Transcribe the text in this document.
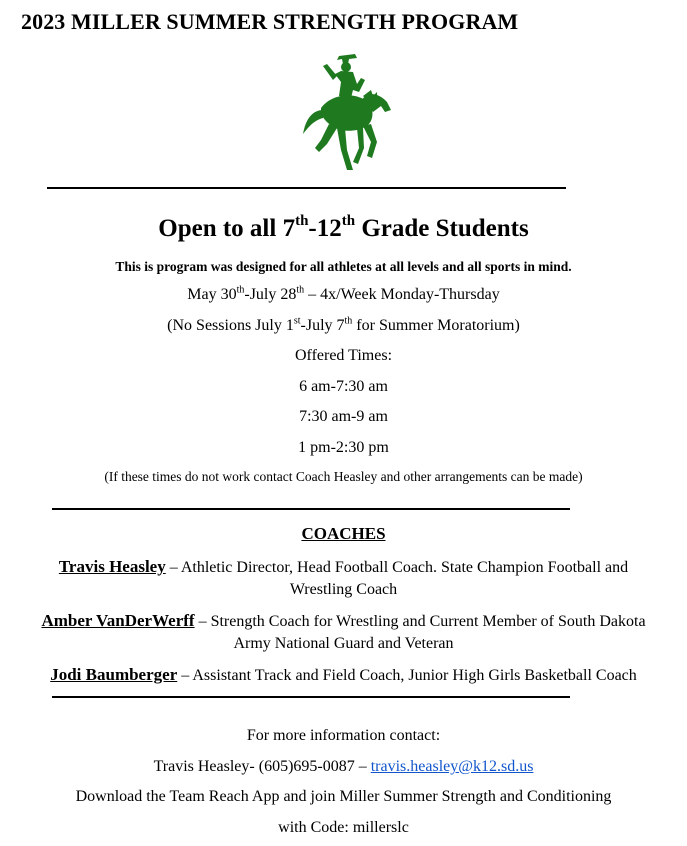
2023 MILLER SUMMER STRENGTH PROGRAM
Open to all 7th-12th Grade Students
This is program was designed for all athletes at all levels and all sports in mind.
May 30th-July 28th – 4x/Week Monday-Thursday
(No Sessions July 1st-July 7th for Summer Moratorium)
Offered Times:
6 am-7:30 am
7:30 am-9 am
1 pm-2:30 pm
(If these times do not work contact Coach Heasley and other arrangements can be made)
COACHES
Travis Heasley – Athletic Director, Head Football Coach. State Champion Football and
Wrestling Coach
Amber VanDerWerff – Strength Coach for Wrestling and Current Member of South Dakota
Army National Guard and Veteran
Jodi Baumberger – Assistant Track and Field Coach, Junior High Girls Basketball Coach
For more information contact:
Travis Heasley- (605)695-0087 – travis.heasley@k12.sd.us
Download the Team Reach App and join Miller Summer Strength and Conditioning
with Code: millerslc
